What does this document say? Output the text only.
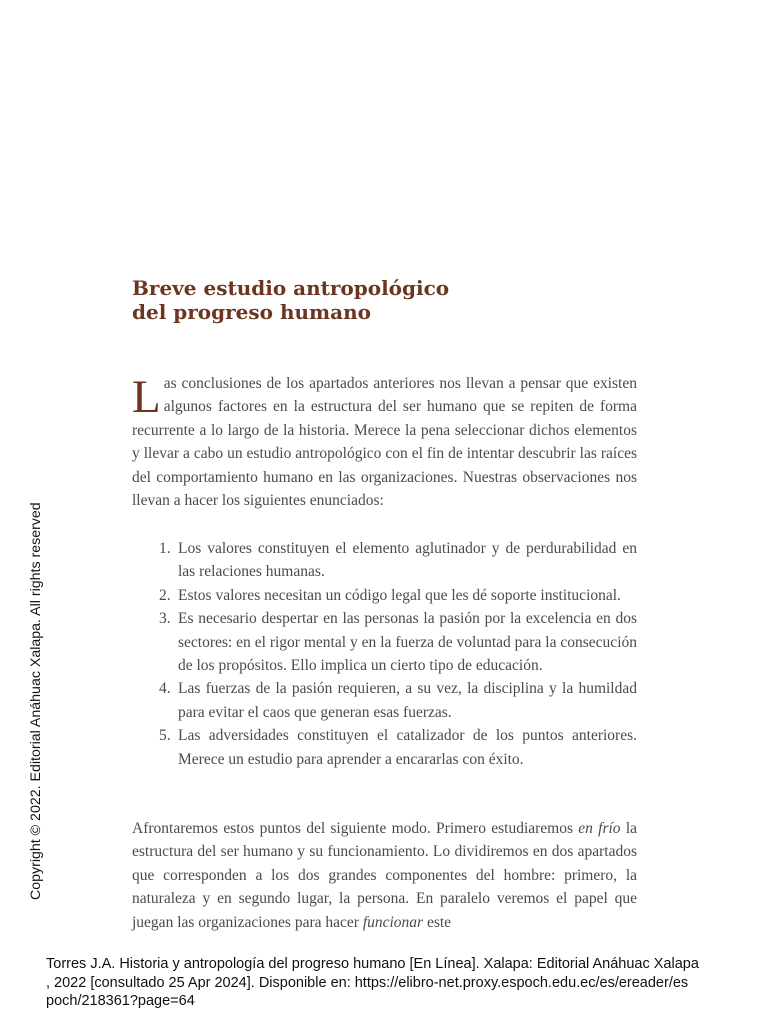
Breve estudio antropológico
del progreso humano

Las conclusiones de los apartados anteriores nos llevan a pensar que existen algunos factores en la estructura del ser humano que se repiten de forma recurrente a lo largo de la historia. Merece la pena seleccionar dichos elementos y llevar a cabo un estudio antropológico con el fin de intentar descubrir las raíces del comportamiento humano en las organizaciones. Nuestras observaciones nos llevan a hacer los siguientes enunciados:

1. Los valores constituyen el elemento aglutinador y de perdurabilidad en las relaciones humanas.
2. Estos valores necesitan un código legal que les dé soporte institucional.
3. Es necesario despertar en las personas la pasión por la excelencia en dos sectores: en el rigor mental y en la fuerza de voluntad para la consecución de los propósitos. Ello implica un cierto tipo de educación.
4. Las fuerzas de la pasión requieren, a su vez, la disciplina y la humildad para evitar el caos que generan esas fuerzas.
5. Las adversidades constituyen el catalizador de los puntos anteriores. Merece un estudio para aprender a encararlas con éxito.

Afrontaremos estos puntos del siguiente modo. Primero estudiaremos en frío la estructura del ser humano y su funcionamiento. Lo dividiremos en dos apartados que corresponden a los dos grandes componentes del hombre: primero, la naturaleza y en segundo lugar, la persona. En paralelo veremos el papel que juegan las organizaciones para hacer funcionar este

Copyright © 2022. Editorial Anáhuac Xalapa. All rights reserved

Torres J.A. Historia y antropología del progreso humano [En Línea]. Xalapa: Editorial Anáhuac Xalapa
, 2022 [consultado 25 Apr 2024]. Disponible en: https://elibro-net.proxy.espoch.edu.ec/es/ereader/es
poch/218361?page=64
